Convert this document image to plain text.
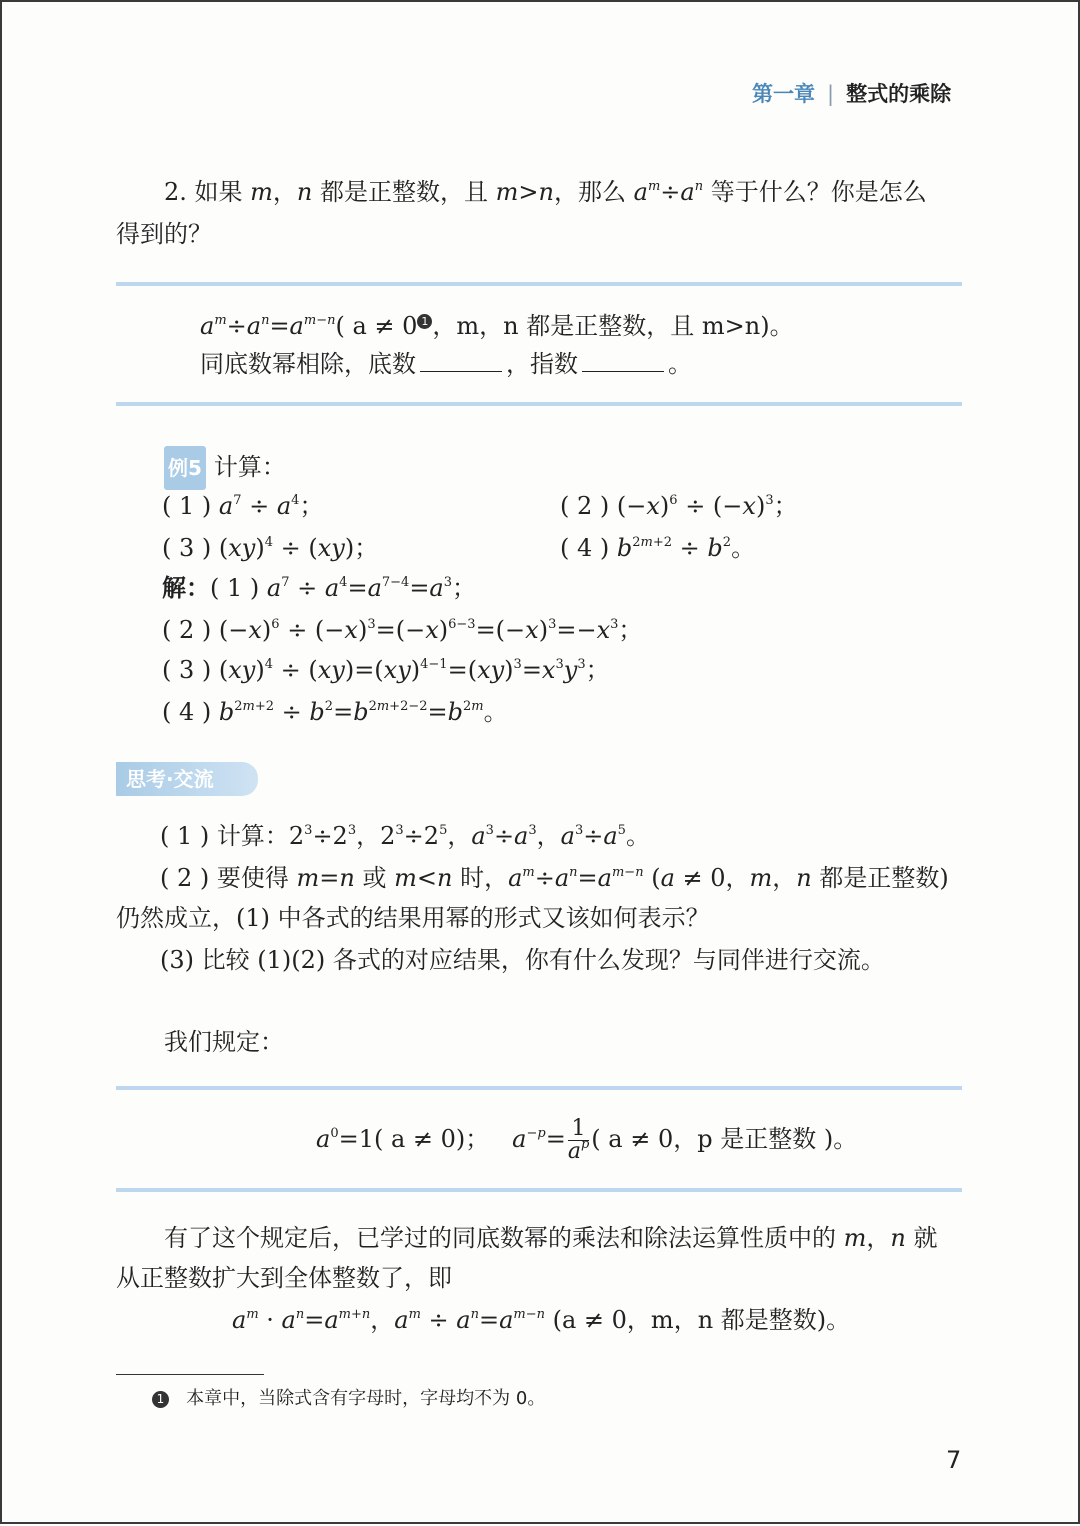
第一章 | 整式的乘除
2. 如果 m，n 都是正整数，且 m>n，那么 $a^m\div a^n$ 等于什么？你是怎么
得到的？
$a^m\div a^n=a^{m-n}$( a ≠ 0 1 ，m，n 都是正整数，且 m>n)。
同底数幂相除，底数	，指数	。
例5 计算：
( 1 ) $a^7 \div a^4$；	( 2 ) $(-x)^6 \div (-x)^3$；
( 3 ) (xy)$^4$ ÷ (xy)；	( 4 ) $b^{2m+2} \div b^2$。
解：( 1 ) $a^7 \div a^4=a^{7-4}=a^3$；
( 2 ) $(-x)^6 \div (-x)^3=(-x)^{6-3}=(-x)^3=-x^3$；
( 3 ) $(xy)^4 \div (xy)=(xy)^{4-1}=(xy)^3=x^3y^3$；
( 4 ) $b^{2m+2} \div b^2=b^{2m+2-2}=b^{2m}$。
思考·交流
( 1 ) 计算：$2^3\div 2^3$，$2^3\div 2^5$，$a^3\div a^3$，$a^3\div a^5$。
( 2 ) 要使得 m=n 或 m<n 时，$a^m\div a^n=a^{m-n}$ (a ≠ 0，m，n 都是正整数)
仍然成立，(1) 中各式的结果用幂的形式又该如何表示？
(3) 比较 (1)(2) 各式的对应结果，你有什么发现？与同伴进行交流。
我们规定：
$a^0=1$( a ≠ 0)； $a^{-p}= \frac{1}{a^p}$ ( a ≠ 0，p 是正整数 )。
有了这个规定后，已学过的同底数幂的乘法和除法运算性质中的 m，n 就
从正整数扩大到全体整数了，即
$a^m \cdot a^n=a^{m+n}$，$a^m \div a^n=a^{m-n}$ (a ≠ 0，m，n 都是整数)。
1 本章中，当除式含有字母时，字母均不为 0。
7
